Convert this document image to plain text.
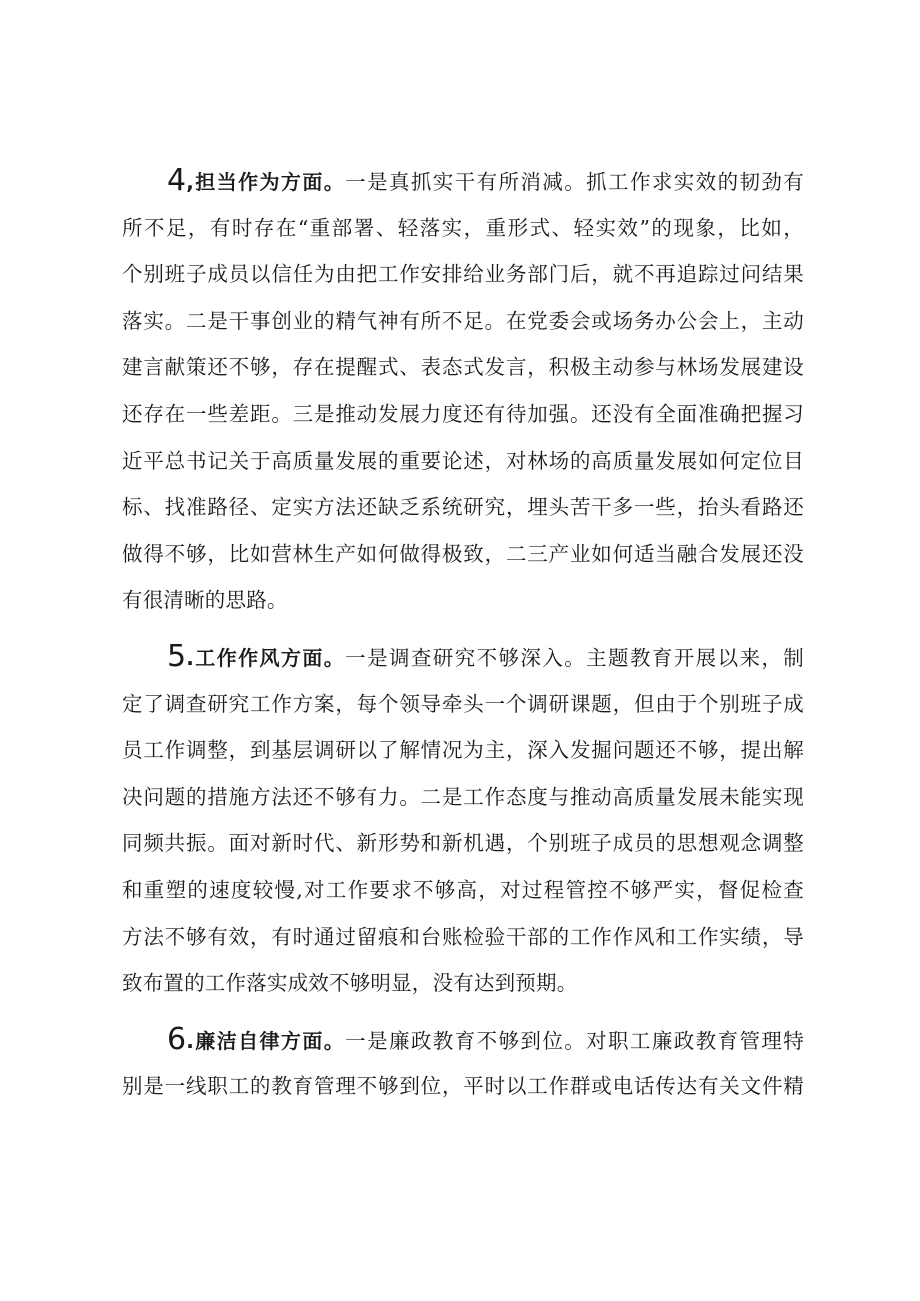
4,担当作为方面。一是真抓实干有所消减。抓工作求实效的韧劲有
所不足，有时存在“重部署、轻落实，重形式、轻实效”的现象，比如，
个别班子成员以信任为由把工作安排给业务部门后，就不再追踪过问结果
落实。二是干事创业的精气神有所不足。在党委会或场务办公会上，主动
建言献策还不够，存在提醒式、表态式发言，积极主动参与林场发展建设
还存在一些差距。三是推动发展力度还有待加强。还没有全面准确把握习
近平总书记关于高质量发展的重要论述，对林场的高质量发展如何定位目
标、找准路径、定实方法还缺乏系统研究，埋头苦干多一些，抬头看路还
做得不够，比如营林生产如何做得极致，二三产业如何适当融合发展还没
有很清晰的思路。
5.工作作风方面。一是调查研究不够深入。主题教育开展以来，制
定了调查研究工作方案，每个领导牵头一个调研课题，但由于个别班子成
员工作调整，到基层调研以了解情况为主，深入发掘问题还不够，提出解
决问题的措施方法还不够有力。二是工作态度与推动高质量发展未能实现
同频共振。面对新时代、新形势和新机遇，个别班子成员的思想观念调整
和重塑的速度较慢,对工作要求不够高，对过程管控不够严实，督促检查
方法不够有效，有时通过留痕和台账检验干部的工作作风和工作实绩，导
致布置的工作落实成效不够明显，没有达到预期。
6.廉洁自律方面。一是廉政教育不够到位。对职工廉政教育管理特
别是一线职工的教育管理不够到位，平时以工作群或电话传达有关文件精
